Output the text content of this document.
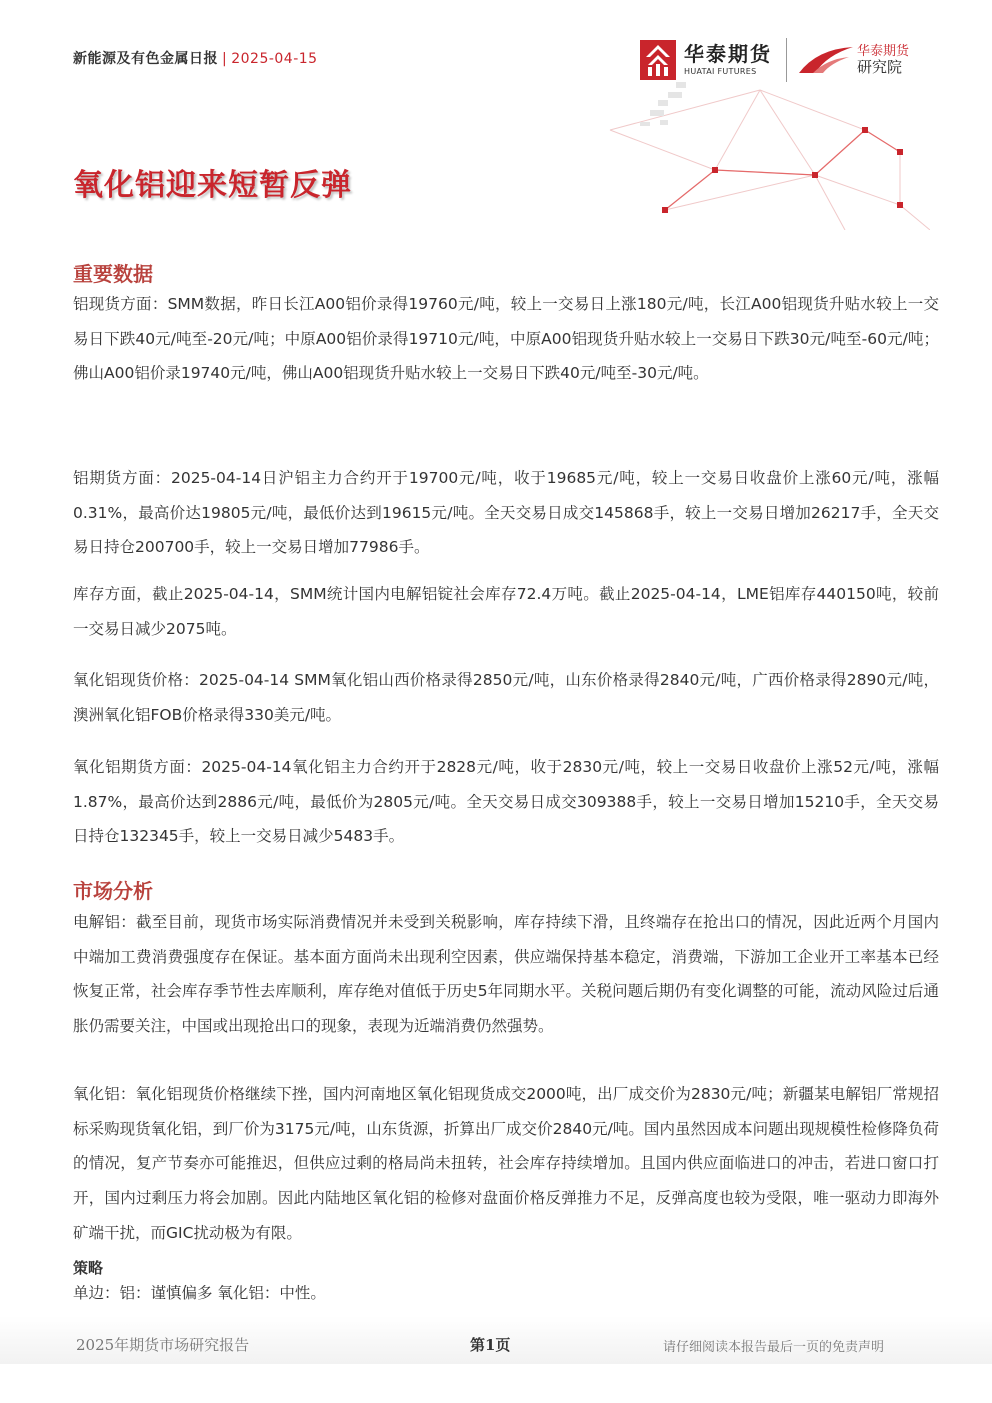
新能源及有色金属日报 | 2025-04-15	华泰期货
HUATAI FUTURES
华泰期货
研究院
氧化铝迎来短暂反弹
重要数据
铝现货方面：SMM数据，昨日长江A00铝价录得19760元/吨，较上一交易日上涨180元/吨，长江A00铝现货升贴水较上一交易日下跌40元/吨至-20元/吨；中原A00铝价录得19710元/吨，中原A00铝现货升贴水较上一交易日下跌30元/吨至-60元/吨；佛山A00铝价录19740元/吨，佛山A00铝现货升贴水较上一交易日下跌40元/吨至-30元/吨。
铝期货方面：2025-04-14日沪铝主力合约开于19700元/吨，收于19685元/吨，较上一交易日收盘价上涨60元/吨，涨幅0.31%，最高价达19805元/吨，最低价达到19615元/吨。全天交易日成交145868手，较上一交易日增加26217手，全天交易日持仓200700手，较上一交易日增加77986手。
库存方面，截止2025-04-14，SMM统计国内电解铝锭社会库存72.4万吨。截止2025-04-14，LME铝库存440150吨，较前一交易日减少2075吨。
氧化铝现货价格：2025-04-14 SMM氧化铝山西价格录得2850元/吨，山东价格录得2840元/吨，广西价格录得2890元/吨，澳洲氧化铝FOB价格录得330美元/吨。
氧化铝期货方面：2025-04-14氧化铝主力合约开于2828元/吨，收于2830元/吨，较上一交易日收盘价上涨52元/吨，涨幅1.87%，最高价达到2886元/吨，最低价为2805元/吨。全天交易日成交309388手，较上一交易日增加15210手，全天交易日持仓132345手，较上一交易日减少5483手。
市场分析
电解铝：截至目前，现货市场实际消费情况并未受到关税影响，库存持续下滑，且终端存在抢出口的情况，因此近两个月国内中端加工费消费强度存在保证。基本面方面尚未出现利空因素，供应端保持基本稳定，消费端，下游加工企业开工率基本已经恢复正常，社会库存季节性去库顺利，库存绝对值低于历史5年同期水平。关税问题后期仍有变化调整的可能，流动风险过后通胀仍需要关注，中国或出现抢出口的现象，表现为近端消费仍然强势。
氧化铝：氧化铝现货价格继续下挫，国内河南地区氧化铝现货成交2000吨，出厂成交价为2830元/吨；新疆某电解铝厂常规招标采购现货氧化铝，到厂价为3175元/吨，山东货源，折算出厂成交价2840元/吨。国内虽然因成本问题出现规模性检修降负荷的情况，复产节奏亦可能推迟，但供应过剩的格局尚未扭转，社会库存持续增加。且国内供应面临进口的冲击，若进口窗口打开，国内过剩压力将会加剧。因此内陆地区氧化铝的检修对盘面价格反弹推力不足，反弹高度也较为受限，唯一驱动力即海外矿端干扰，而GIC扰动极为有限。
策略
单边：铝：谨慎偏多 氧化铝：中性。
2025年期货市场研究报告	第1页	请仔细阅读本报告最后一页的免责声明
